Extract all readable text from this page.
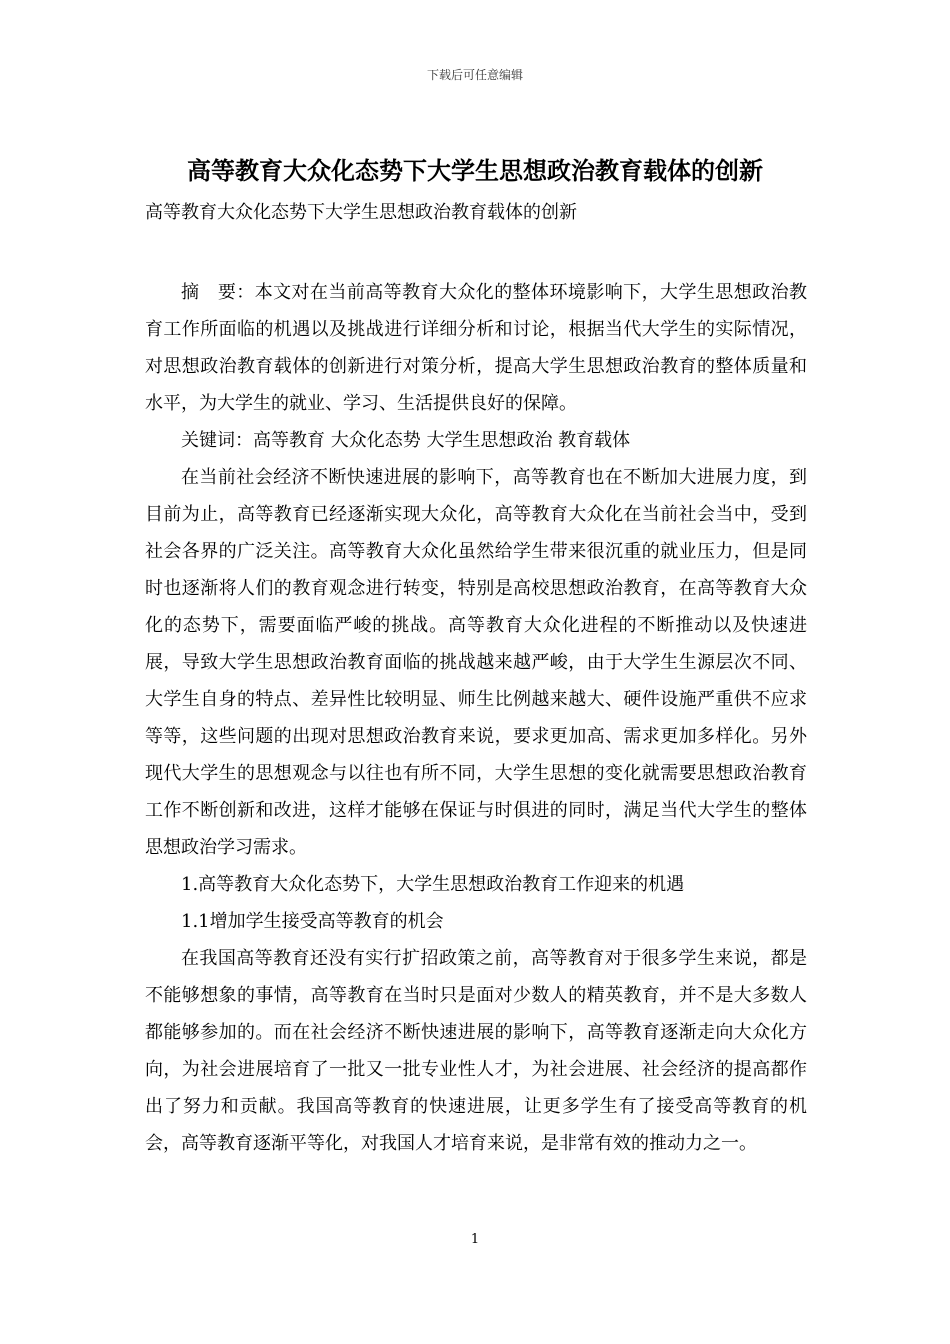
下载后可任意编辑
高等教育大众化态势下大学生思想政治教育载体的创新

高等教育大众化态势下大学生思想政治教育载体的创新

摘　要：本文对在当前高等教育大众化的整体环境影响下，大学生思想政治教育工作所面临的机遇以及挑战进行详细分析和讨论，根据当代大学生的实际情况，对思想政治教育载体的创新进行对策分析，提高大学生思想政治教育的整体质量和水平，为大学生的就业、学习、生活提供良好的保障。

关键词：高等教育 大众化态势 大学生思想政治 教育载体

在当前社会经济不断快速进展的影响下，高等教育也在不断加大进展力度，到目前为止，高等教育已经逐渐实现大众化，高等教育大众化在当前社会当中，受到社会各界的广泛关注。高等教育大众化虽然给学生带来很沉重的就业压力，但是同时也逐渐将人们的教育观念进行转变，特别是高校思想政治教育，在高等教育大众化的态势下，需要面临严峻的挑战。高等教育大众化进程的不断推动以及快速进展，导致大学生思想政治教育面临的挑战越来越严峻，由于大学生生源层次不同、大学生自身的特点、差异性比较明显、师生比例越来越大、硬件设施严重供不应求等等，这些问题的出现对思想政治教育来说，要求更加高、需求更加多样化。另外现代大学生的思想观念与以往也有所不同，大学生思想的变化就需要思想政治教育工作不断创新和改进，这样才能够在保证与时俱进的同时，满足当代大学生的整体思想政治学习需求。

1.高等教育大众化态势下，大学生思想政治教育工作迎来的机遇

1.1增加学生接受高等教育的机会

在我国高等教育还没有实行扩招政策之前，高等教育对于很多学生来说，都是不能够想象的事情，高等教育在当时只是面对少数人的精英教育，并不是大多数人都能够参加的。而在社会经济不断快速进展的影响下，高等教育逐渐走向大众化方向，为社会进展培育了一批又一批专业性人才，为社会进展、社会经济的提高都作出了努力和贡献。我国高等教育的快速进展，让更多学生有了接受高等教育的机会，高等教育逐渐平等化，对我国人才培育来说，是非常有效的推动力之一。

1
